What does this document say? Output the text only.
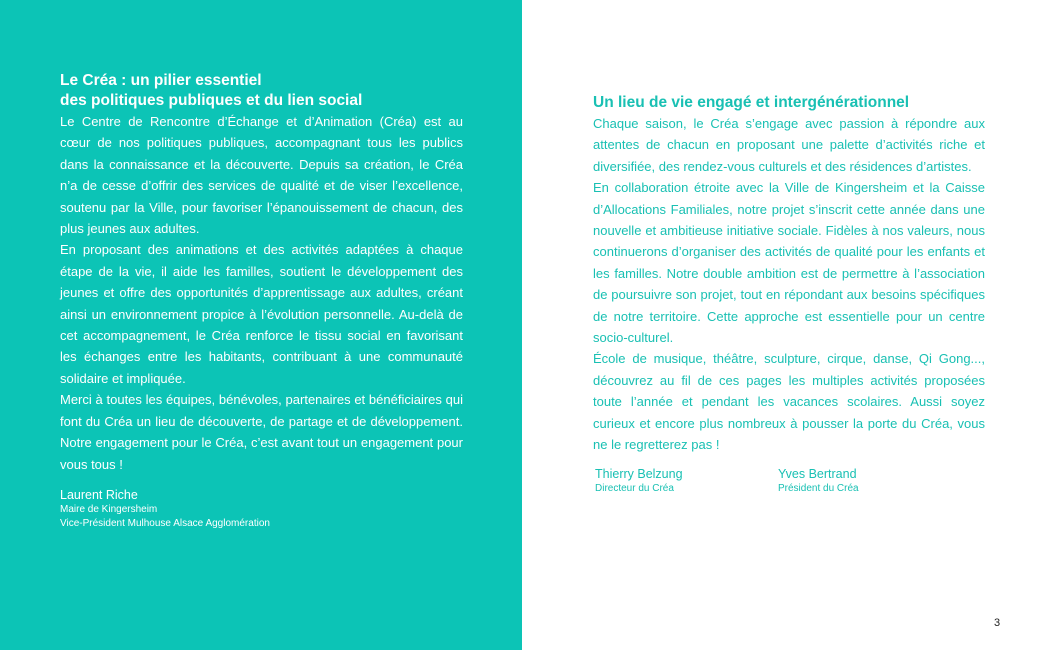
Le Créa : un pilier essentiel
des politiques publiques et du lien social

Le Centre de Rencontre d’Échange et d’Animation (Créa) est au cœur de nos politiques publiques, accompagnant tous les publics dans la connaissance et la découverte. Depuis sa création, le Créa n’a de cesse d’offrir des services de qualité et de viser l’excellence, soutenu par la Ville, pour favoriser l’épanouissement de chacun, des plus jeunes aux adultes.

En proposant des animations et des activités adaptées à chaque étape de la vie, il aide les familles, soutient le développement des jeunes et offre des opportunités d’apprentissage aux adultes, créant ainsi un environnement propice à l’évolution personnelle. Au-delà de cet accompagnement, le Créa renforce le tissu social en favorisant les échanges entre les habitants, contribuant à une communauté solidaire et impliquée.

Merci à toutes les équipes, bénévoles, partenaires et bénéficiaires qui font du Créa un lieu de découverte, de partage et de développement. Notre engagement pour le Créa, c’est avant tout un engagement pour vous tous !

Laurent Riche
Maire de Kingersheim
Vice-Président Mulhouse Alsace Agglomération
Un lieu de vie engagé et intergénérationnel

Chaque saison, le Créa s’engage avec passion à répondre aux attentes de chacun en proposant une palette d’activités riche et diversifiée, des rendez-vous culturels et des résidences d’artistes.

En collaboration étroite avec la Ville de Kingersheim et la Caisse d’Allocations Familiales, notre projet s’inscrit cette année dans une nouvelle et ambitieuse initiative sociale. Fidèles à nos valeurs, nous continuerons d’organiser des activités de qualité pour les enfants et les familles. Notre double ambition est de permettre à l’association de poursuivre son projet, tout en répondant aux besoins spécifiques de notre territoire. Cette approche est essentielle pour un centre socio-culturel.

École de musique, théâtre, sculpture, cirque, danse, Qi Gong..., découvrez au fil de ces pages les multiples activités proposées toute l’année et pendant les vacances scolaires. Aussi soyez curieux et encore plus nombreux à pousser la porte du Créa, vous ne le regretterez pas !

Thierry Belzung
Directeur du Créa
Yves Bertrand
Président du Créa
3
